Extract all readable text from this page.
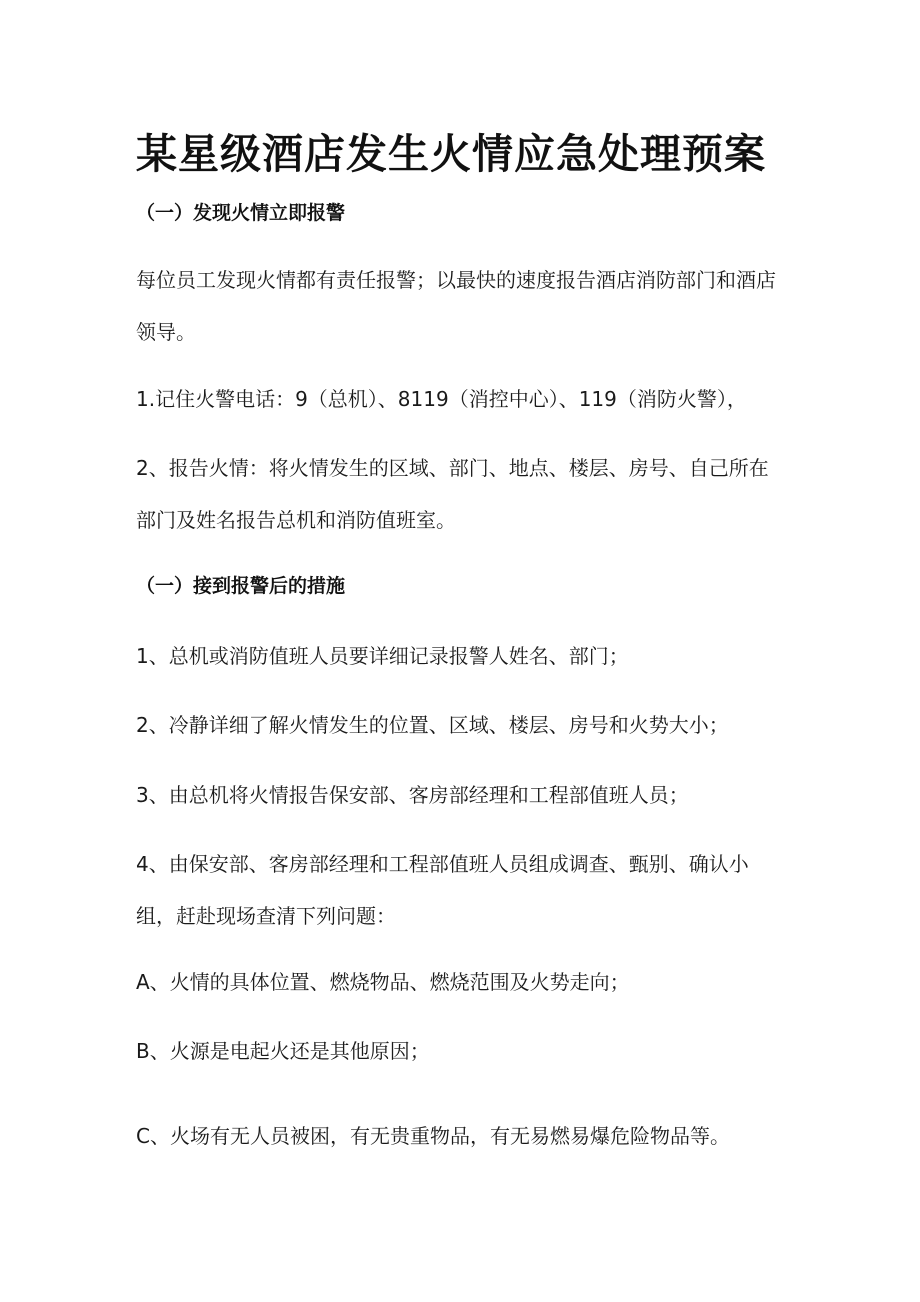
某星级酒店发生火情应急处理预案
（一）发现火情立即报警
每位员工发现火情都有责任报警；以最快的速度报告酒店消防部门和酒店
领导。
1.记住火警电话：9（总机）、8119（消控中心）、119（消防火警），
2、报告火情：将火情发生的区域、部门、地点、楼层、房号、自己所在
部门及姓名报告总机和消防值班室。
（一）接到报警后的措施
1、总机或消防值班人员要详细记录报警人姓名、部门；
2、冷静详细了解火情发生的位置、区域、楼层、房号和火势大小；
3、由总机将火情报告保安部、客房部经理和工程部值班人员；
4、由保安部、客房部经理和工程部值班人员组成调查、甄别、确认小
组，赶赴现场查清下列问题：
A、火情的具体位置、燃烧物品、燃烧范围及火势走向；
B、火源是电起火还是其他原因；
C、火场有无人员被困，有无贵重物品，有无易燃易爆危险物品等。
